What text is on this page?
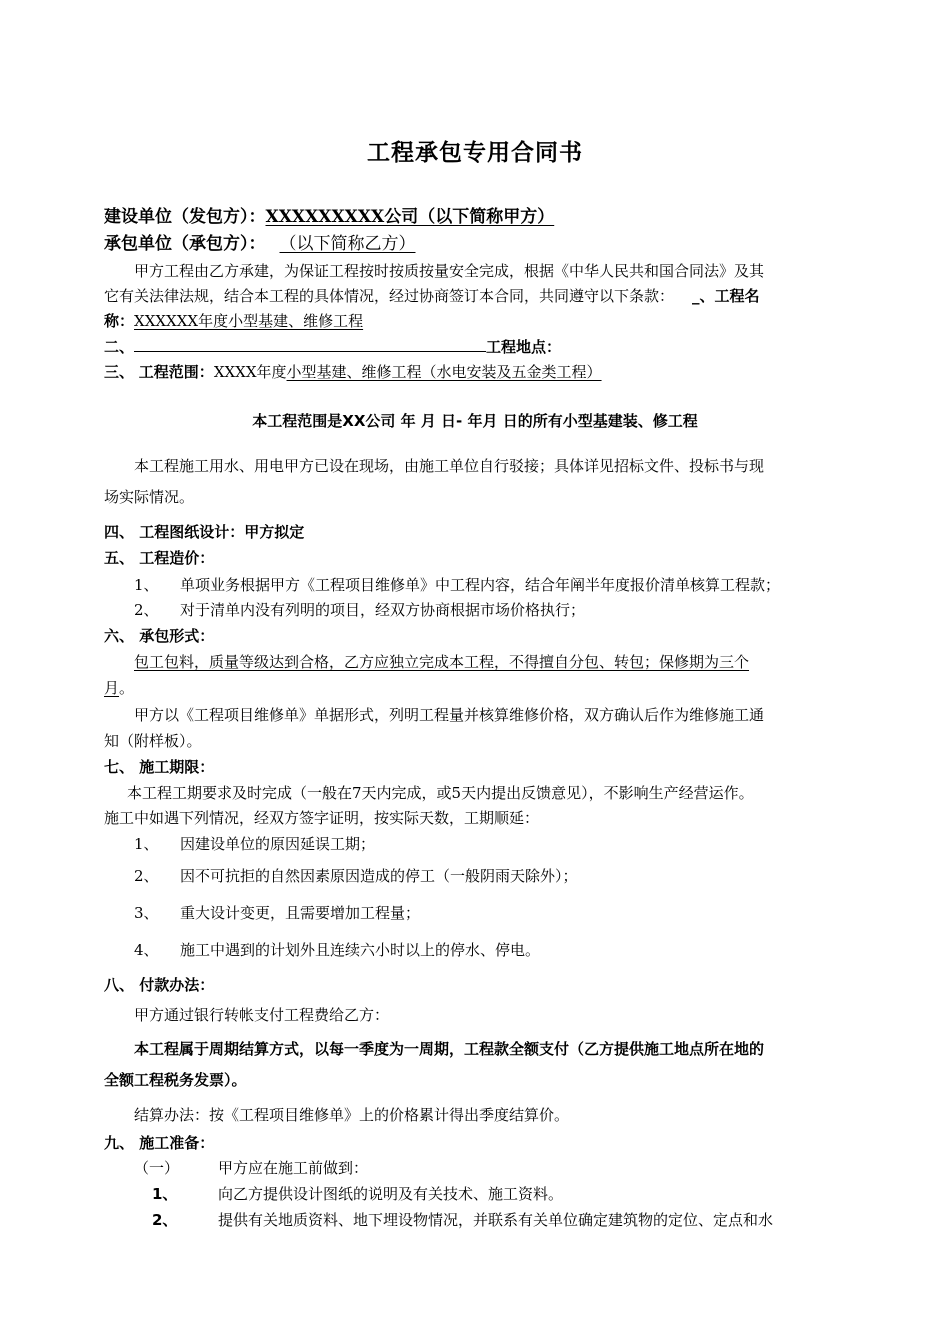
工程承包专用合同书
建设单位（发包方）：XXXXXXXXX公司（以下简称甲方）
承包单位（承包方）： （以下简称乙方）
甲方工程由乙方承建，为保证工程按时按质按量安全完成，根据《中华人民共和国合同法》及其
它有关法律法规，结合本工程的具体情况，经过协商签订本合同，共同遵守以下条款： _、工程名
称：XXXXXX年度小型基建、维修工程
二、	工程地点：
三、 工程范围：XXXX年度小型基建、维修工程（水电安装及五金类工程）
本工程范围是XX公司 年 月 日- 年月 日的所有小型基建装、修工程
本工程施工用水、用电甲方已设在现场，由施工单位自行驳接；具体详见招标文件、投标书与现
场实际情况。
四、 工程图纸设计：甲方拟定
五、 工程造价：
1、 单项业务根据甲方《工程项目维修单》中工程内容，结合年阐半年度报价清单核算工程款；
2、 对于清单内没有列明的项目，经双方协商根据市场价格执行；
六、 承包形式：
包工包料，质量等级达到合格，乙方应独立完成本工程，不得擅自分包、转包；保修期为三个
月。
甲方以《工程项目维修单》单据形式，列明工程量并核算维修价格，双方确认后作为维修施工通
知（附样板）。
七、 施工期限：
本工程工期要求及时完成（一般在7天内完成，或5天内提出反馈意见），不影响生产经营运作。
施工中如遇下列情况，经双方签字证明，按实际天数，工期顺延：
1、 因建设单位的原因延误工期；
2、 因不可抗拒的自然因素原因造成的停工（一般阴雨天除外）；
3、 重大设计变更，且需要增加工程量；
4、 施工中遇到的计划外且连续六小时以上的停水、停电。
八、 付款办法：
甲方通过银行转帐支付工程费给乙方：
本工程属于周期结算方式，以每一季度为一周期，工程款全额支付（乙方提供施工地点所在地的
全额工程税务发票）。
结算办法：按《工程项目维修单》上的价格累计得出季度结算价。
九、 施工准备：
（一）	甲方应在施工前做到：
1、	向乙方提供设计图纸的说明及有关技术、施工资料。
2、	提供有关地质资料、地下埋设物情况，并联系有关单位确定建筑物的定位、定点和水
